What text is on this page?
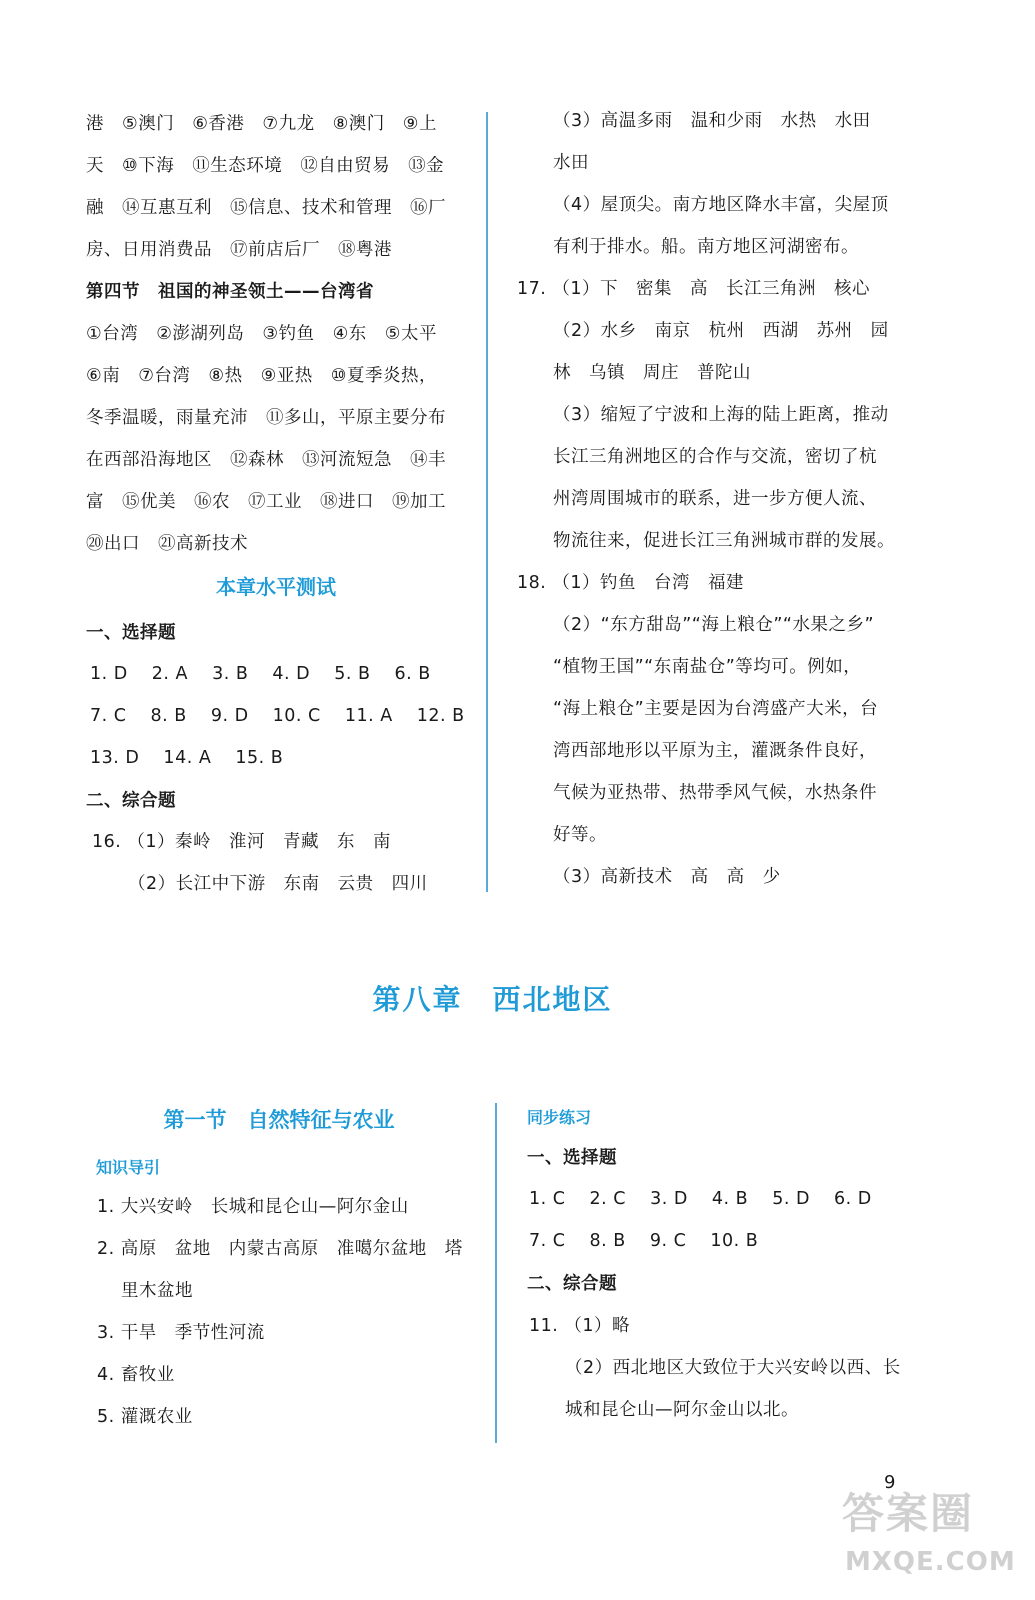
港　⑤澳门　⑥香港　⑦九龙　⑧澳门　⑨上
天　⑩下海　⑪生态环境　⑫自由贸易　⑬金
融　⑭互惠互利　⑮信息、技术和管理　⑯厂
房、日用消费品　⑰前店后厂　⑱粤港
第四节　祖国的神圣领土——台湾省
①台湾　②澎湖列岛　③钓鱼　④东　⑤太平
⑥南　⑦台湾　⑧热　⑨亚热　⑩夏季炎热，
冬季温暖，雨量充沛　⑪多山，平原主要分布
在西部沿海地区　⑫森林　⑬河流短急　⑭丰
富　⑮优美　⑯农　⑰工业　⑱进口　⑲加工
⑳出口　㉑高新技术
本章水平测试
一、选择题
1. D　 2. A　 3. B　 4. D　 5. B　 6. B
7. C　 8. B　 9. D　 10. C　 11. A　 12. B
13. D　 14. A　 15. B
二、综合题
16. （1）秦岭　淮河　青藏　东　南
（2）长江中下游　东南　云贵　四川
（3）高温多雨　温和少雨　水热　水田
水田
（4）屋顶尖。南方地区降水丰富，尖屋顶
有利于排水。船。南方地区河湖密布。
17. （1）下　密集　高　长江三角洲　核心
（2）水乡　南京　杭州　西湖　苏州　园
林　乌镇　周庄　普陀山
（3）缩短了宁波和上海的陆上距离，推动
长江三角洲地区的合作与交流，密切了杭
州湾周围城市的联系，进一步方便人流、
物流往来，促进长江三角洲城市群的发展。
18. （1）钓鱼　台湾　福建
（2）“东方甜岛”“海上粮仓”“水果之乡”
“植物王国”“东南盐仓”等均可。例如，
“海上粮仓”主要是因为台湾盛产大米，台
湾西部地形以平原为主，灌溉条件良好，
气候为亚热带、热带季风气候，水热条件
好等。
（3）高新技术　高　高　少
第八章　西北地区
第一节　自然特征与农业
知识导引
1. 大兴安岭　长城和昆仑山—阿尔金山
2. 高原　盆地　内蒙古高原　准噶尔盆地　塔
里木盆地
3. 干旱　季节性河流
4. 畜牧业
5. 灌溉农业
同步练习
一、选择题
1. C　 2. C　 3. D　 4. B　 5. D　 6. D
7. C　 8. B　 9. C　 10. B
二、综合题
11. （1）略
（2）西北地区大致位于大兴安岭以西、长
城和昆仑山—阿尔金山以北。
9
答案圈
MXQE.COM
